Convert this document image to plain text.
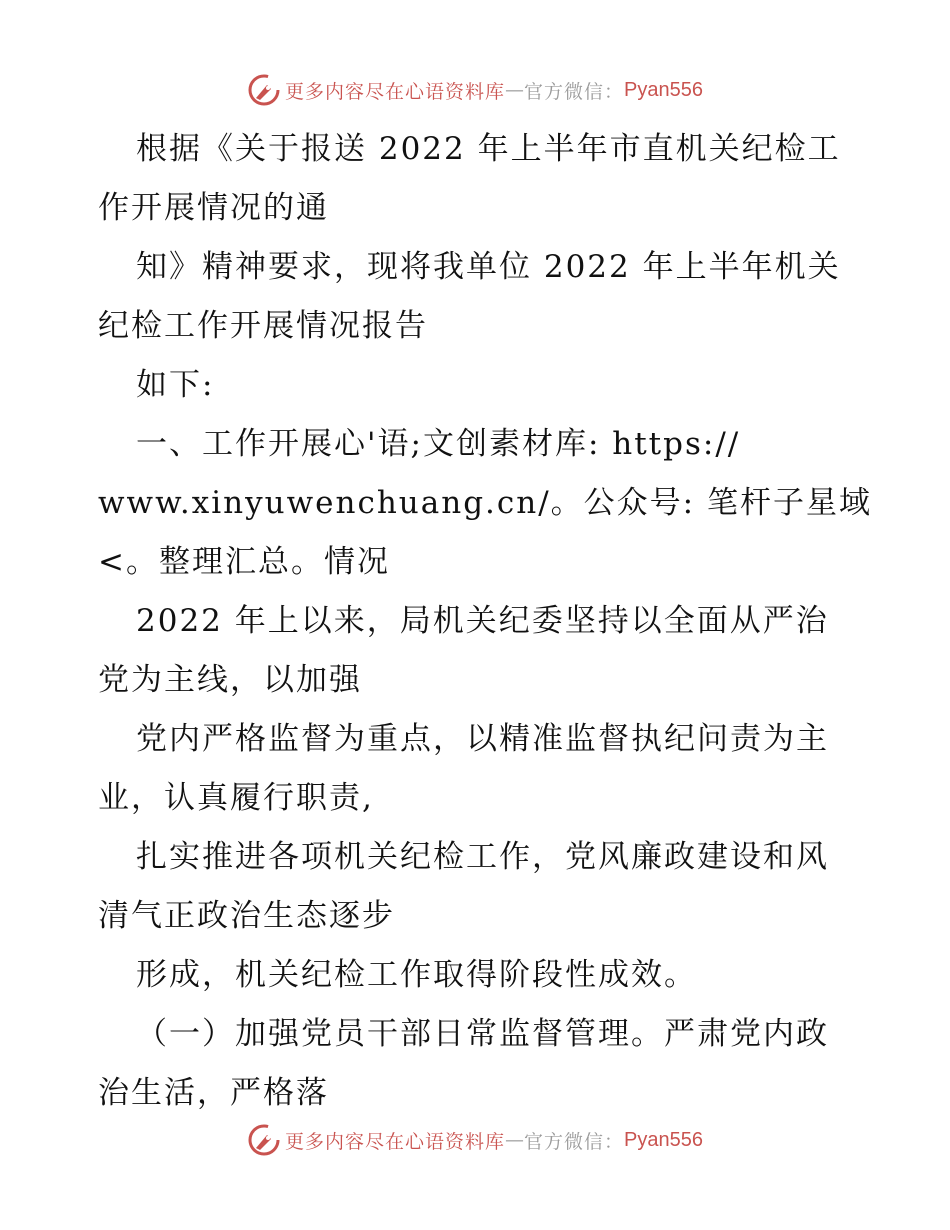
更多内容尽在心语资料库 — 官方微信： Pyan556
根据《关于报送 2022 年上半年市直机关纪检工
作开展情况的通
知》精神要求，现将我单位 2022 年上半年机关
纪检工作开展情况报告
如下:
一、工作开展心'语;文创素材库: https://
www.xinyuwenchuang.cn/。公众号: 笔杆子星域
<。整理汇总。情况
2022 年上以来，局机关纪委坚持以全面从严治
党为主线，以加强
党内严格监督为重点，以精准监督执纪问责为主
业，认真履行职责,
扎实推进各项机关纪检工作，党风廉政建设和风
清气正政治生态逐步
形成，机关纪检工作取得阶段性成效。
（一）加强党员干部日常监督管理。严肃党内政
治生活，严格落
更多内容尽在心语资料库 — 官方微信： Pyan556
